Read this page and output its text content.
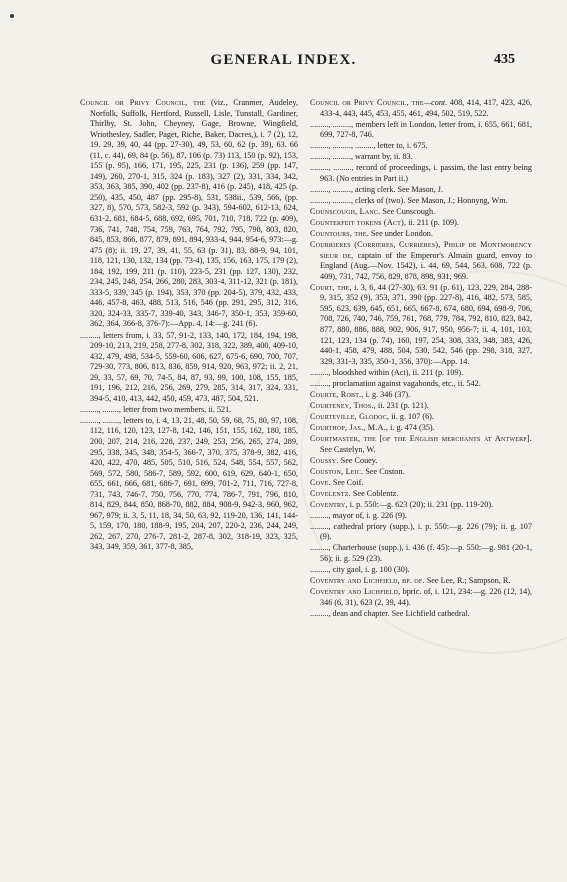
GENERAL INDEX.	435
Council or Privy Council, the (viz., Cranmer, Audeley, Norfolk, Suffolk, Hertford, Russell, Lisle, Tunstall, Gardiner, Thirlby, St. John, Cheyney, Gage, Browne, Wingfield, Wriothesley, Sadler, Paget, Riche, Baker, Dacres,), i. 7 (2), 12, 19. 29, 39, 40, 44 (pp. 27-30), 49, 53, 60, 62 (p. 39), 63. 66 (11, c. 44), 69, 84 (p. 56), 87, 106 (p. 73) 113, 150 (p. 92), 153, 155 (p. 95), 166, 171, 195, 225, 231 (p. 136), 259 (pp. 147, 149), 260, 270-1, 315, 324 (p. 183), 327 (2), 331, 334, 342, 353, 363, 385, 390, 402 (pp. 237-8), 416 (p. 245), 418, 425 (p. 250), 435, 450, 487 (pp. 295-8), 531, 538ii., 539, 566, (pp. 327, 8), 570, 573, 582-3, 592 (p. 343), 594-602, 612-13, 624, 631-2, 681, 684-5, 688, 692, 695, 701, 710, 718, 722 (p. 409), 736, 741, 748, 754, 759, 763, 764, 792, 795, 798, 803, 820, 845, 853, 866, 877, 879, 891, 894, 933-4, 944, 954-6, 973:—g. 475 (8); ii. 19, 27, 39, 41, 55, 63 (p. 31), 83, 88-9, 94, 101, 118, 121, 130, 132, 134 (pp. 73-4), 135, 156, 163, 175, 179 (2), 184, 192, 199, 211 (p. 110), 223-5, 231 (pp. 127, 130), 232, 234, 245, 248, 254, 266, 280, 283, 303-4, 311-12, 321 (p. 181), 333-5, 339, 345 (p. 194), 353, 370 (pp. 204-5), 379, 432, 433, 446, 457-8, 463, 488, 513, 516, 546 (pp. 291, 295, 312, 316, 320, 324-33, 335-7, 339-40, 343, 346-7, 350-1, 353, 359-60, 362, 364, 366-8, 376-7):—App. 4, 14:—g. 241 (6).
........., letters from, i. 33, 57, 91-2, 133, 140, 172, 184, 194, 198, 209-10, 213, 219, 258, 277-8, 302, 318, 322, 389, 400, 409-10, 432, 479, 498, 534-5, 559-60, 606, 627, 675-6, 690, 700, 707, 729-30, 773, 806, 813, 836, 859, 914, 920, 963, 972; ii. 2, 21, 29, 33, 57, 69, 70, 74-5, 84, 87, 93, 99, 100, 108, 155, 185, 191, 196, 212, 216, 256, 269, 279, 285, 314, 317, 324, 331, 394-5, 410, 413, 442, 450, 459, 473, 487, 504, 521.
........., ........, letter from two members, ii. 521.
........., ........, letters to, i. 4, 13, 21, 48, 50, 59, 68, 75, 80, 97, 108, 112, 116, 120, 123, 127-8, 142, 146, 151, 155, 162, 180, 185, 200, 207, 214, 216, 228, 237, 249, 253, 256, 265, 274, 289, 295, 338, 345, 348, 354-5, 366-7, 370, 375, 378-9, 382, 416, 420, 422, 470, 485, 505, 510, 516, 524, 548, 554, 557, 562, 569, 572, 580, 586-7, 589, 592, 600, 619, 629, 640-1, 650, 655, 661, 666, 681, 686-7, 691, 699, 701-2, 711, 716, 727-8, 731, 743, 746-7, 750, 756, 770, 774, 786-7, 791, 796, 810, 814, 829, 844, 850, 868-70, 882, 884, 908-9, 942-3, 960, 962, 967, 979; ii. 3, 5, 11, 18, 34, 50, 63, 92, 119-20, 136, 141, 144-5, 159, 170, 180, 188-9, 195, 204, 207, 220-2, 236, 244, 249, 262, 267, 270, 276-7, 281-2, 287-8, 302, 318-19, 323, 325, 343, 349, 359, 361, 377-8, 385,
Council or Privy Council, the—cont. 408, 414, 417, 423, 426, 433-4, 443, 445, 453, 455, 461, 494, 502, 519, 522.
........., ........., members left in London, letter from, i. 655, 661, 681, 699, 727-8, 746.
........., ........., ........., letter to, i. 675.
........., ........., warrant by, ii. 83.
........., ........., record of proceedings, i. passim, the last entry being 963. (No entries in Part ii.)
........., ........., acting clerk. See Mason, J.
........., ........., clerks of (two). See Mason, J.; Honnyng, Wm.
Counscough, Lanc. See Cunscough.
Counterfeit tokens (Act), ii. 211 (p. 109).
Countours, the. See under London.
Courrieres (Corrieres, Currieres), Philip de Montmorency sieur de, captain of the Emperor's Almain guard, envoy to England (Aug.—Nov. 1542), i. 44, 69, 544, 563, 608, 722 (p. 409), 731, 742, 756, 829, 878, 898, 931, 969.
Court, the, i. 3, 6, 44 (27-30), 63. 91 (p. 61), 123, 229, 284, 288-9, 315, 352 (9), 353, 371, 390 (pp. 227-8), 416, 482, 573, 585, 595, 623, 639, 645, 651, 665, 667-8, 674, 680, 694, 698-9, 706, 708, 726, 740, 746, 759, 761, 768, 779, 784, 792, 810, 823, 842, 877, 880, 886, 888, 902, 906, 917, 950, 956-7; ii. 4, 101, 103, 121, 123, 134 (p. 74), 160, 197, 254, 308, 333, 348, 383, 426, 440-1, 458, 479, 488, 504, 530, 542, 546 (pp. 298, 318, 327, 329, 331-3, 335, 350-1, 356, 370):—App. 14.
........., bloodshed within (Act), ii. 211 (p. 109).
........., proclamation against vagabonds, etc., ii. 542.
Courte, Robt., i. g. 346 (37).
Courteney, Thos., ii. 231 (p. 121).
Courteville, Glodoc, ii. g. 107 (6).
Courthop, Jas., M.A., i. g. 474 (35).
Courtmaster, the [of the English merchants at Antwerp]. See Castelyn, W.
Coussy. See Couey.
Couston, Leic. See Coston.
Cove. See Coif.
Covelentz. See Coblentz.
Coventry, i. p. 550:—g. 623 (20); ii. 231 (pp. 119-20).
........., mayor of, i. g. 226 (9).
........., cathedral priory (supp.), i. p. 550:—g. 226 (79); ii. g. 107 (9).
........., Charterhouse (supp.), i. 436 (f. 45):—p. 550:—g. 981 (20-1, 56); ii. g. 529 (23).
........., city gaol, i. g. 100 (30).
Coventry and Lichfield, bp. of. See Lee, R.; Sampson, R.
Coventry and Lichfield, bpric. of, i. 121, 234:—g. 226 (12, 14), 346 (6, 31), 623 (2, 39, 44).
........., dean and chapter. See Lichfield cathedral.
